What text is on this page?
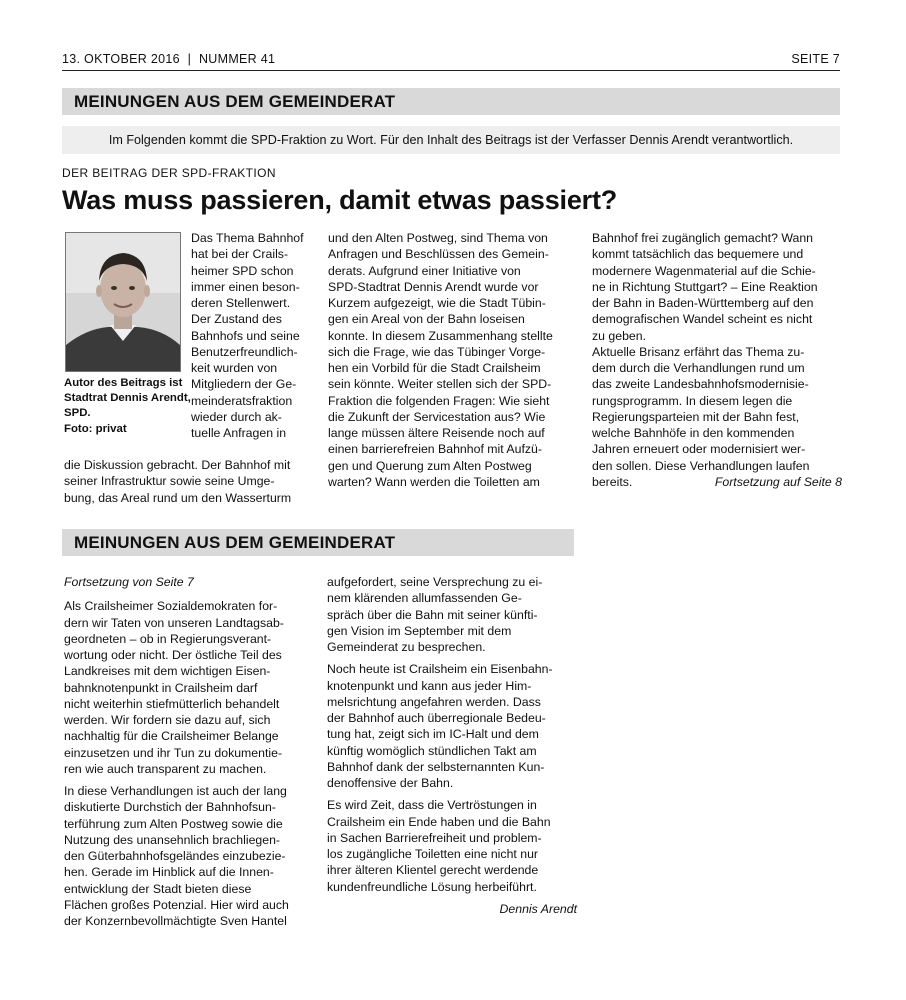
13. OKTOBER 2016 | NUMMER 41	SEITE 7
MEINUNGEN AUS DEM GEMEINDERAT
Im Folgenden kommt die SPD-Fraktion zu Wort. Für den Inhalt des Beitrags ist der Verfasser Dennis Arendt verantwortlich.
DER BEITRAG DER SPD-FRAKTION
Was muss passieren, damit etwas passiert?
Autor des Beitrags ist
Stadtrat Dennis Arendt,
SPD.
Foto: privat
Das Thema Bahnhof
hat bei der Crails-
heimer SPD schon
immer einen beson-
deren Stellenwert.
Der Zustand des
Bahnhofs und seine
Benutzerfreundlich-
keit wurden von
Mitgliedern der Ge-
meinderatsfraktion
wieder durch ak-
tuelle Anfragen in
die Diskussion gebracht. Der Bahnhof mit
seiner Infrastruktur sowie seine Umge-
bung, das Areal rund um den Wasserturm
und den Alten Postweg, sind Thema von
Anfragen und Beschlüssen des Gemein-
derats. Aufgrund einer Initiative von
SPD-Stadtrat Dennis Arendt wurde vor
Kurzem aufgezeigt, wie die Stadt Tübin-
gen ein Areal von der Bahn loseisen
konnte. In diesem Zusammenhang stellte
sich die Frage, wie das Tübinger Vorge-
hen ein Vorbild für die Stadt Crailsheim
sein könnte. Weiter stellen sich der SPD-
Fraktion die folgenden Fragen: Wie sieht
die Zukunft der Servicestation aus? Wie
lange müssen ältere Reisende noch auf
einen barrierefreien Bahnhof mit Aufzü-
gen und Querung zum Alten Postweg
warten? Wann werden die Toiletten am
Bahnhof frei zugänglich gemacht? Wann
kommt tatsächlich das bequemere und
modernere Wagenmaterial auf die Schie-
ne in Richtung Stuttgart? – Eine Reaktion
der Bahn in Baden-Württemberg auf den
demografischen Wandel scheint es nicht
zu geben.
Aktuelle Brisanz erfährt das Thema zu-
dem durch die Verhandlungen rund um
das zweite Landesbahnhofsmodernisie-
rungsprogramm. In diesem legen die
Regierungsparteien mit der Bahn fest,
welche Bahnhöfe in den kommenden
Jahren erneuert oder modernisiert wer-
den sollen. Diese Verhandlungen laufen
bereits.	Fortsetzung auf Seite 8
MEINUNGEN AUS DEM GEMEINDERAT
Fortsetzung von Seite 7
Als Crailsheimer Sozialdemokraten for-
dern wir Taten von unseren Landtagsab-
geordneten – ob in Regierungsverant-
wortung oder nicht. Der östliche Teil des
Landkreises mit dem wichtigen Eisen-
bahnknotenpunkt in Crailsheim darf
nicht weiterhin stiefmütterlich behandelt
werden. Wir fordern sie dazu auf, sich
nachhaltig für die Crailsheimer Belange
einzusetzen und ihr Tun zu dokumentie-
ren wie auch transparent zu machen.
In diese Verhandlungen ist auch der lang
diskutierte Durchstich der Bahnhofsun-
terführung zum Alten Postweg sowie die
Nutzung des unansehnlich brachliegen-
den Güterbahnhofsgeländes einzubezie-
hen. Gerade im Hinblick auf die Innen-
entwicklung der Stadt bieten diese
Flächen großes Potenzial. Hier wird auch
der Konzernbevollmächtigte Sven Hantel
aufgefordert, seine Versprechung zu ei-
nem klärenden allumfassenden Ge-
spräch über die Bahn mit seiner künfti-
gen Vision im September mit dem
Gemeinderat zu besprechen.
Noch heute ist Crailsheim ein Eisenbahn-
knotenpunkt und kann aus jeder Him-
melsrichtung angefahren werden. Dass
der Bahnhof auch überregionale Bedeu-
tung hat, zeigt sich im IC-Halt und dem
künftig womöglich stündlichen Takt am
Bahnhof dank der selbsternannten Kun-
denoffensive der Bahn.
Es wird Zeit, dass die Vertröstungen in
Crailsheim ein Ende haben und die Bahn
in Sachen Barrierefreiheit und problem-
los zugängliche Toiletten eine nicht nur
ihrer älteren Klientel gerecht werdende
kundenfreundliche Lösung herbeiführt.
Dennis Arendt
